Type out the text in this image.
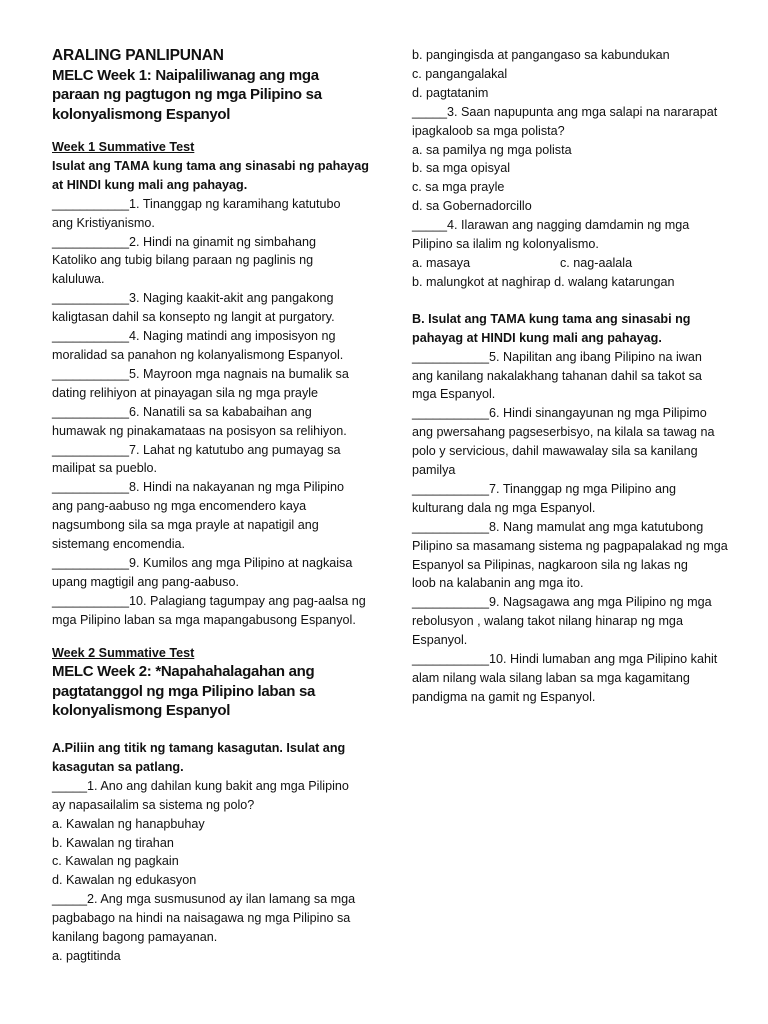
ARALING PANLIPUNAN
MELC Week 1: Naipaliliwanag ang mga
paraan ng pagtugon ng mga Pilipino sa
kolonyalismong Espanyol
Week 1 Summative Test
Isulat ang TAMA kung tama ang sinasabi ng pahayag
at HINDI kung mali ang pahayag.
___________1. Tinanggap ng karamihang katutubo
ang Kristiyanismo.
___________2. Hindi na ginamit ng simbahang
Katoliko ang tubig bilang paraan ng paglinis ng
kaluluwa.
___________3. Naging kaakit-akit ang pangakong
kaligtasan dahil sa konsepto ng langit at purgatory.
___________4. Naging matindi ang imposisyon ng
moralidad sa panahon ng kolanyalismong Espanyol.
___________5. Mayroon mga nagnais na bumalik sa
dating relihiyon at pinayagan sila ng mga prayle
___________6. Nanatili sa sa kababaihan ang
humawak ng pinakamataas na posisyon sa relihiyon.
___________7. Lahat ng katutubo ang pumayag sa
mailipat sa pueblo.
___________8. Hindi na nakayanan ng mga Pilipino
ang pang-aabuso ng mga encomendero kaya
nagsumbong sila sa mga prayle at napatigil ang
sistemang encomendia.
___________9. Kumilos ang mga Pilipino at nagkaisa
upang magtigil ang pang-aabuso.
___________10. Palagiang tagumpay ang pag-aalsa ng
mga Pilipino laban sa mga mapangabusong Espanyol.
Week 2 Summative Test
MELC Week 2: *Napahahalagahan ang
pagtatanggol ng mga Pilipino laban sa
kolonyalismong Espanyol
A.Piliin ang titik ng tamang kasagutan. Isulat ang
kasagutan sa patlang.
_____1. Ano ang dahilan kung bakit ang mga Pilipino
ay napasailalim sa sistema ng polo?
a. Kawalan ng hanapbuhay
b. Kawalan ng tirahan
c. Kawalan ng pagkain
d. Kawalan ng edukasyon
_____2. Ang mga susmusunod ay ilan lamang sa mga
pagbabago na hindi na naisagawa ng mga Pilipino sa
kanilang bagong pamayanan.
a. pagtitinda
b. pangingisda at pangangaso sa kabundukan
c. pangangalakal
d. pagtatanim
_____3. Saan napupunta ang mga salapi na nararapat
ipagkaloob sa mga polista?
a. sa pamilya ng mga polista
b. sa mga opisyal
c. sa mga prayle
d. sa Gobernadorcillo
_____4. Ilarawan ang nagging damdamin ng mga
Pilipino sa ilalim ng kolonyalismo.
a. masaya	c. nag-aalala
b. malungkot at naghirap d. walang katarungan
B. Isulat ang TAMA kung tama ang sinasabi ng
pahayag at HINDI kung mali ang pahayag.
___________5. Napilitan ang ibang Pilipino na iwan
ang kanilang nakalakhang tahanan dahil sa takot sa
mga Espanyol.
___________6. Hindi sinangayunan ng mga Pilipimo
ang pwersahang pagseserbisyo, na kilala sa tawag na
polo y servicious, dahil mawawalay sila sa kanilang
pamilya
___________7. Tinanggap ng mga Pilipino ang
kulturang dala ng mga Espanyol.
___________8. Nang mamulat ang mga katutubong
Pilipino sa masamang sistema ng pagpapalakad ng mga
Espanyol sa Pilipinas, nagkaroon sila ng lakas ng
loob na kalabanin ang mga ito.
___________9. Nagsagawa ang mga Pilipino ng mga
rebolusyon , walang takot nilang hinarap ng mga
Espanyol.
___________10. Hindi lumaban ang mga Pilipino kahit
alam nilang wala silang laban sa mga kagamitang
pandigma na gamit ng Espanyol.
